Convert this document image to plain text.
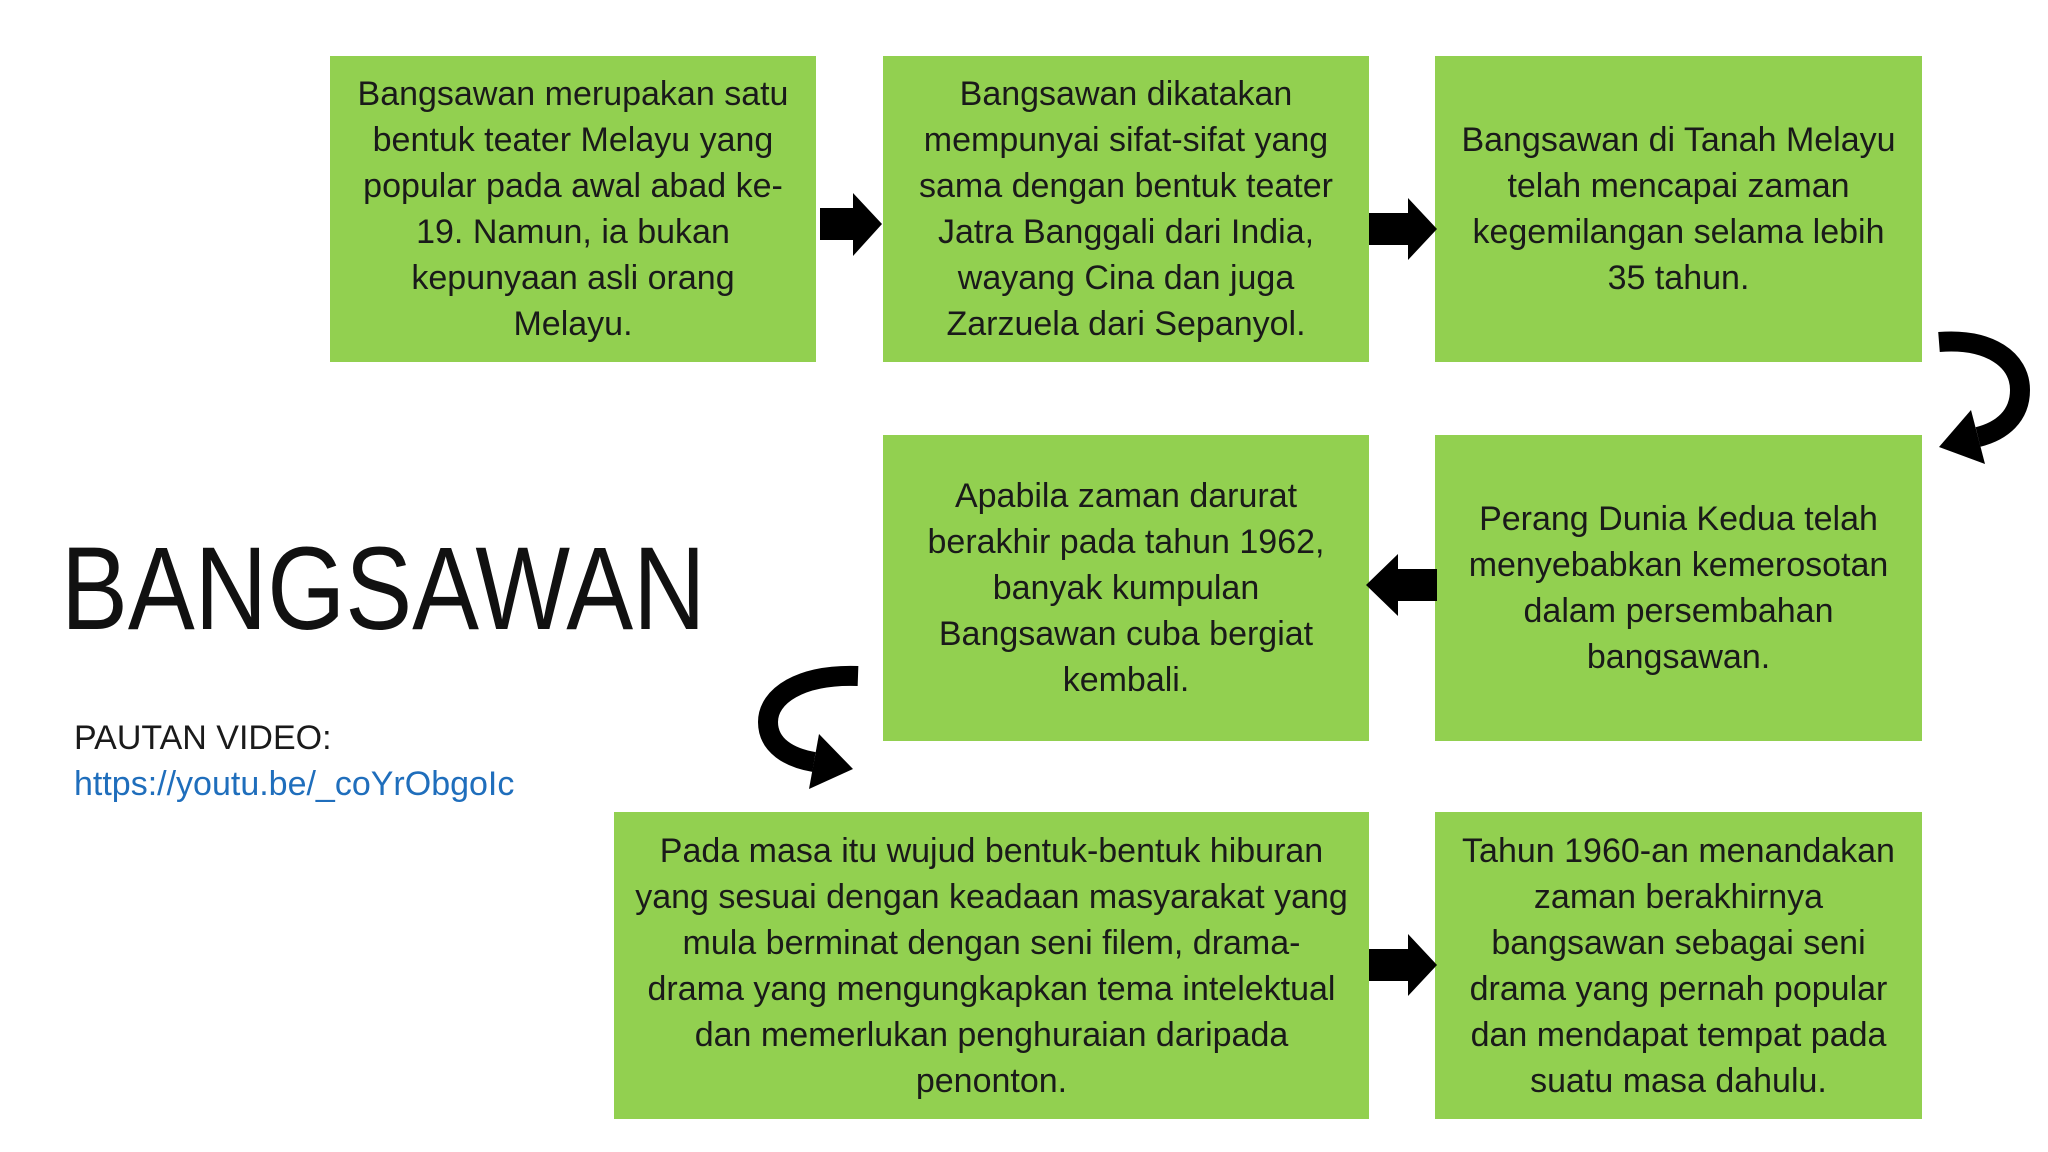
Bangsawan merupakan satu
bentuk teater Melayu yang
popular pada awal abad ke-
19. Namun, ia bukan
kepunyaan asli orang
Melayu.
Bangsawan dikatakan
mempunyai sifat-sifat yang
sama dengan bentuk teater
Jatra Banggali dari India,
wayang Cina dan juga
Zarzuela dari Sepanyol.
Bangsawan di Tanah Melayu
telah mencapai zaman
kegemilangan selama lebih
35 tahun.
Perang Dunia Kedua telah
menyebabkan kemerosotan
dalam persembahan
bangsawan.
Apabila zaman darurat
berakhir pada tahun 1962,
banyak kumpulan
Bangsawan cuba bergiat
kembali.
Pada masa itu wujud bentuk-bentuk hiburan
yang sesuai dengan keadaan masyarakat yang
mula berminat dengan seni filem, drama-
drama yang mengungkapkan tema intelektual
dan memerlukan penghuraian daripada
penonton.
Tahun 1960-an menandakan
zaman berakhirnya
bangsawan sebagai seni
drama yang pernah popular
dan mendapat tempat pada
suatu masa dahulu.
BANGSAWAN
PAUTAN VIDEO:
https://youtu.be/_coYrObgoIc
